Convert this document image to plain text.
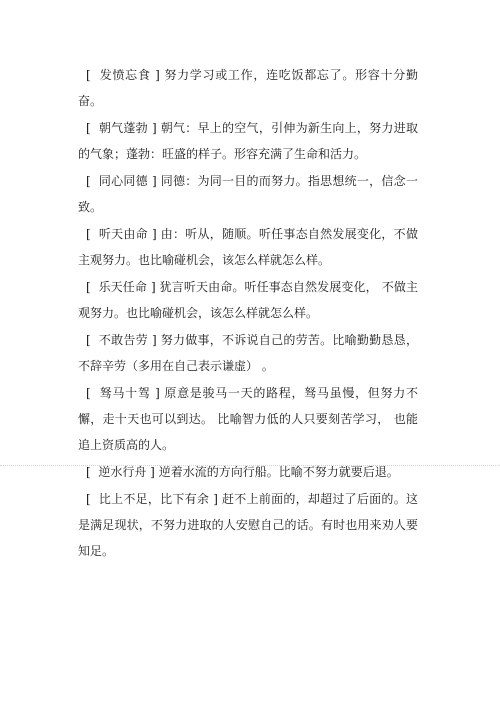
[ 发愤忘食 ] 努力学习或工作，连吃饭都忘了。形容十分勤奋。

[ 朝气蓬勃 ] 朝气：早上的空气，引伸为新生向上，努力进取的气象；蓬勃：旺盛的样子。形容充满了生命和活力。

[ 同心同德 ] 同德：为同一目的而努力。指思想统一，信念一致。

[ 听天由命 ] 由：听从，随顺。听任事态自然发展变化，不做主观努力。也比喻碰机会，该怎么样就怎么样。

[ 乐天任命 ] 犹言听天由命。听任事态自然发展变化， 不做主观努力。也比喻碰机会，该怎么样就怎么样。

[ 不敢告劳 ] 努力做事，不诉说自己的劳苦。比喻勤勤恳恳，不辞辛劳（多用在自己表示谦虚） 。

[ 驽马十驾 ] 原意是骏马一天的路程，驽马虽慢，但努力不懈，走十天也可以到达。 比喻智力低的人只要刻苦学习， 也能追上资质高的人。

[ 逆水行舟 ] 逆着水流的方向行船。比喻不努力就要后退。

[ 比上不足，比下有余 ] 赶不上前面的，却超过了后面的。这是满足现状，不努力进取的人安慰自己的话。有时也用来劝人要知足。
